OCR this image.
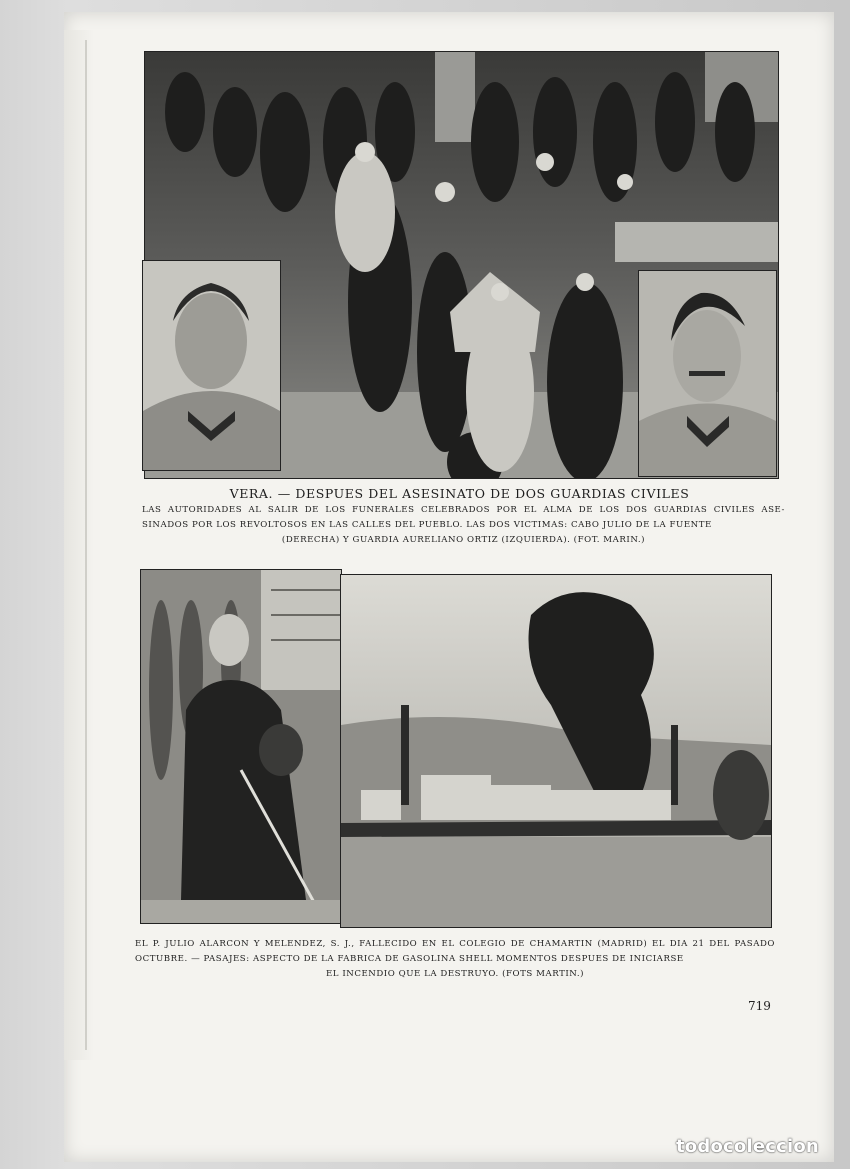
VERA. — DESPUES DEL ASESINATO DE DOS GUARDIAS CIVILES
LAS AUTORIDADES AL SALIR DE LOS FUNERALES CELEBRADOS POR EL ALMA DE LOS DOS GUARDIAS CIVILES ASE- SINADOS POR LOS REVOLTOSOS EN LAS CALLES DEL PUEBLO. LAS DOS VICTIMAS: CABO JULIO DE LA FUENTE
(DERECHA) Y GUARDIA AURELIANO ORTIZ (IZQUIERDA). (FOT. MARIN.)
EL P. JULIO ALARCON Y MELENDEZ, S. J., FALLECIDO EN EL COLEGIO DE CHAMARTIN (MADRID) EL DIA 21 DEL PASADO OCTUBRE. — PASAJES: ASPECTO DE LA FABRICA DE GASOLINA SHELL MOMENTOS DESPUES DE INICIARSE
EL INCENDIO QUE LA DESTRUYO. (FOTS MARTIN.)
719
todocoleccion
